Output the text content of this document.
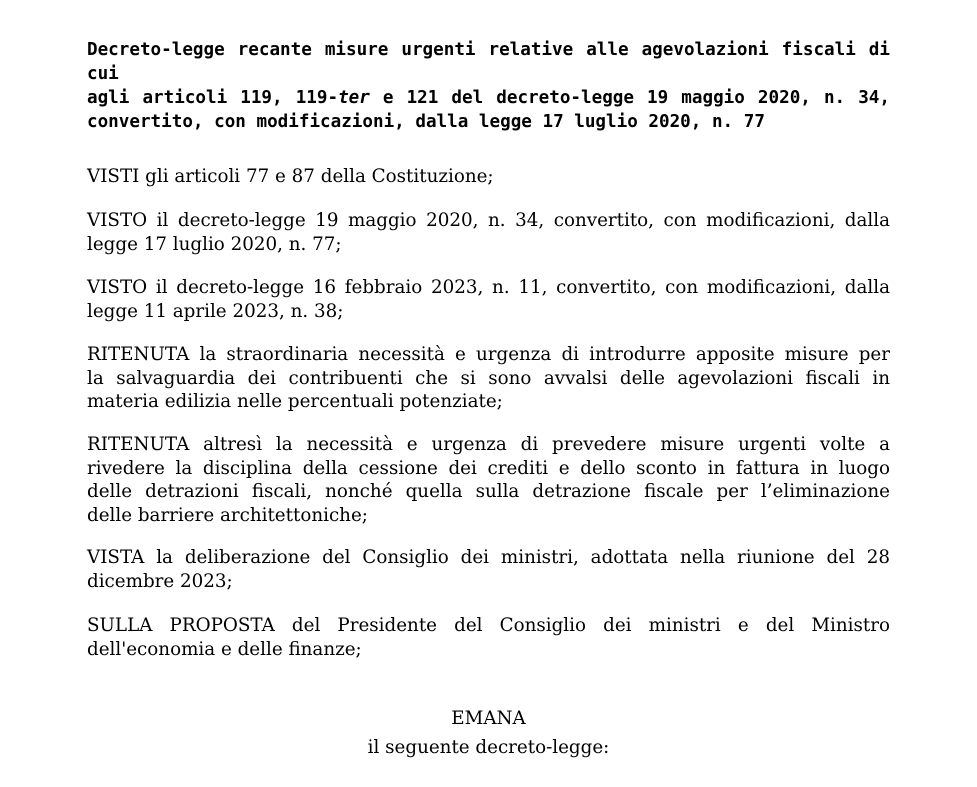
Decreto-legge recante misure urgenti relative alle agevolazioni fiscali di cui
agli articoli 119, 119-ter e 121 del decreto-legge 19 maggio 2020, n. 34,
convertito, con modificazioni, dalla legge 17 luglio 2020, n. 77

VISTI gli articoli 77 e 87 della Costituzione;

VISTO il decreto-legge 19 maggio 2020, n. 34, convertito, con modificazioni, dalla
legge 17 luglio 2020, n. 77;

VISTO il decreto-legge 16 febbraio 2023, n. 11, convertito, con modificazioni, dalla
legge 11 aprile 2023, n. 38;

RITENUTA la straordinaria necessità e urgenza di introdurre apposite misure per
la salvaguardia dei contribuenti che si sono avvalsi delle agevolazioni fiscali in
materia edilizia nelle percentuali potenziate;

RITENUTA altresì la necessità e urgenza di prevedere misure urgenti volte a
rivedere la disciplina della cessione dei crediti e dello sconto in fattura in luogo
delle detrazioni fiscali, nonché quella sulla detrazione fiscale per l’eliminazione
delle barriere architettoniche;

VISTA la deliberazione del Consiglio dei ministri, adottata nella riunione del 28
dicembre 2023;

SULLA PROPOSTA del Presidente del Consiglio dei ministri e del Ministro
dell'economia e delle finanze;

EMANA
il seguente decreto-legge:
